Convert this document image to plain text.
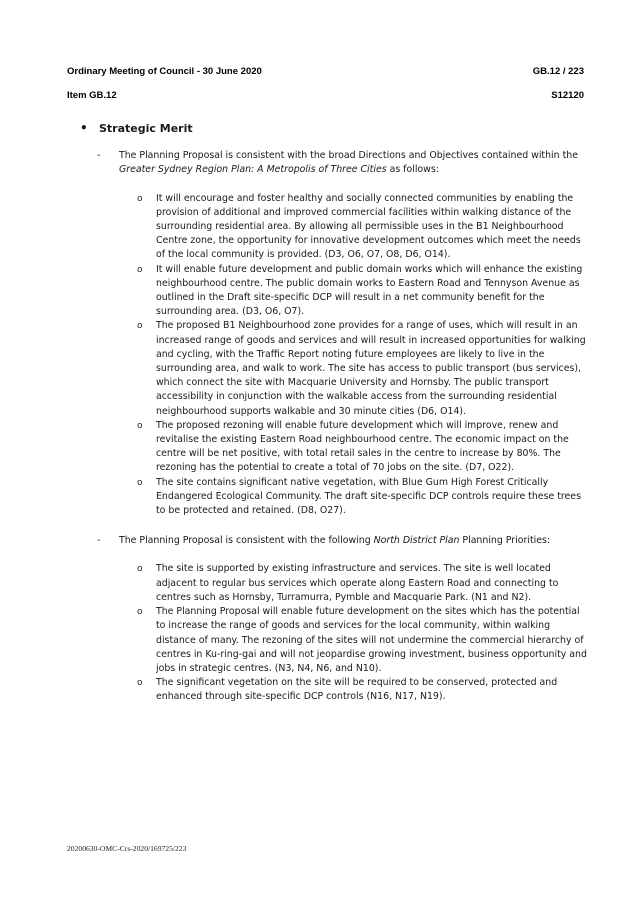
Ordinary Meeting of Council - 30 June 2020	GB.12 / 223
Item GB.12	S12120
•	Strategic Merit
-	The Planning Proposal is consistent with the broad Directions and Objectives contained within the Greater Sydney Region Plan: A Metropolis of Three Cities as follows:
o	It will encourage and foster healthy and socially connected communities by enabling the provision of additional and improved commercial facilities within walking distance of the surrounding residential area. By allowing all permissible uses in the B1 Neighbourhood Centre zone, the opportunity for innovative development outcomes which meet the needs of the local community is provided. (D3, O6, O7, O8, D6, O14).
o	It will enable future development and public domain works which will enhance the existing neighbourhood centre. The public domain works to Eastern Road and Tennyson Avenue as outlined in the Draft site-specific DCP will result in a net community benefit for the surrounding area. (D3, O6, O7).
o	The proposed B1 Neighbourhood zone provides for a range of uses, which will result in an increased range of goods and services and will result in increased opportunities for walking and cycling, with the Traffic Report noting future employees are likely to live in the surrounding area, and walk to work. The site has access to public transport (bus services), which connect the site with Macquarie University and Hornsby. The public transport accessibility in conjunction with the walkable access from the surrounding residential neighbourhood supports walkable and 30 minute cities (D6, O14).
o	The proposed rezoning will enable future development which will improve, renew and revitalise the existing Eastern Road neighbourhood centre. The economic impact on the centre will be net positive, with total retail sales in the centre to increase by 80%. The rezoning has the potential to create a total of 70 jobs on the site. (D7, O22).
o	The site contains significant native vegetation, with Blue Gum High Forest Critically Endangered Ecological Community. The draft site-specific DCP controls require these trees to be protected and retained. (D8, O27).
-	The Planning Proposal is consistent with the following North District Plan Planning Priorities:
o	The site is supported by existing infrastructure and services. The site is well located adjacent to regular bus services which operate along Eastern Road and connecting to centres such as Hornsby, Turramurra, Pymble and Macquarie Park. (N1 and N2).
o	The Planning Proposal will enable future development on the sites which has the potential to increase the range of goods and services for the local community, within walking distance of many. The rezoning of the sites will not undermine the commercial hierarchy of centres in Ku-ring-gai and will not jeopardise growing investment, business opportunity and jobs in strategic centres. (N3, N4, N6, and N10).
o	The significant vegetation on the site will be required to be conserved, protected and enhanced through site-specific DCP controls (N16, N17, N19).
20200630-OMC-Crs-2020/169725/223
